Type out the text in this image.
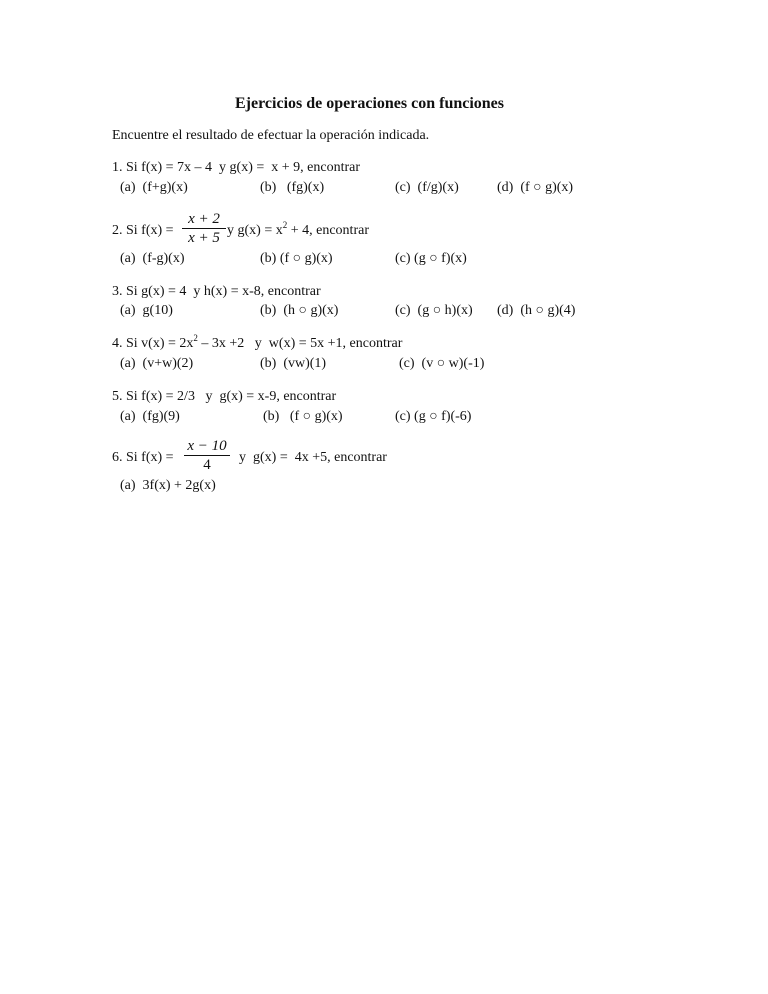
Ejercicios de operaciones con funciones
Encuentre el resultado de efectuar la operación indicada.
1. Si f(x) = 7x – 4  y g(x) =  x + 9, encontrar
(a)  (f+g)(x)	(b)   (fg)(x)	(c)  (f/g)(x)	(d)  (f ○ g)(x)
2. Si f(x) =
x + 2
x + 5 y $g(x) = x^2 + 4$, encontrar
(a)  (f-g)(x)	(b) (f ○ g)(x)	(c) (g ○ f)(x)
3. Si g(x) = 4  y h(x) = x-8, encontrar
(a)  g(10)	(b)  (h ○ g)(x)	(c)  (g ○ h)(x) (d)  (h ○ g)(4)
4. Si $v(x) = 2x^2 - 3x +2$   y  w(x) = 5x +1, encontrar
(a)  (v+w)(2)	(b)  (vw)(1)	(c)  (v ○ w)(-1)
5. Si f(x) = 2/3   y  g(x) = x-9, encontrar
(a)  (fg)(9)	(b)   (f ○ g)(x)	(c) (g ○ f)(-6)
6. Si f(x) =
x − 10
4	y  g(x) =  4x +5, encontrar
(a)  3f(x) + 2g(x)
